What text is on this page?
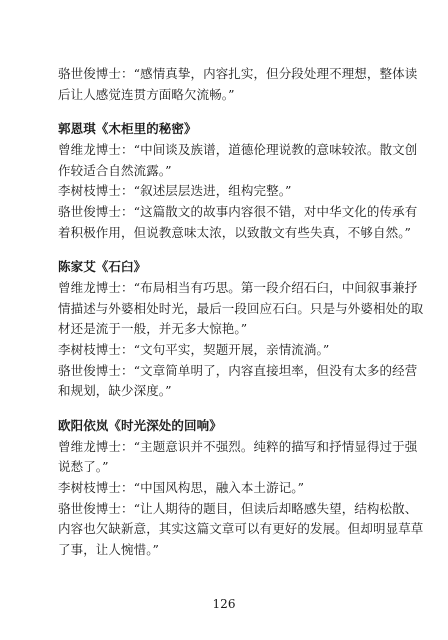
骆世俊博士：“感情真挚，内容扎实，但分段处理不理想，整体读
后让人感觉连贯方面略欠流畅。”
郭恩琪《木柜里的秘密》
曾维龙博士：“中间谈及族谱，道德伦理说教的意味较浓。散文创
作较适合自然流露。”
李树枝博士：“叙述层层迭进，组构完整。”
骆世俊博士：“这篇散文的故事内容很不错，对中华文化的传承有
着积极作用，但说教意味太浓，以致散文有些失真，不够自然。”
陈家艾《石臼》
曾维龙博士：“布局相当有巧思。第一段介绍石臼，中间叙事兼抒
情描述与外婆相处时光，最后一段回应石臼。只是与外婆相处的取
材还是流于一般，并无多大惊艳。”
李树枝博士：“文句平实，契题开展，亲情流淌。”
骆世俊博士：“文章简单明了，内容直接坦率，但没有太多的经营
和规划，缺少深度。”
欧阳依岚《时光深处的回响》
曾维龙博士：“主题意识并不强烈。纯粹的描写和抒情显得过于强
说愁了。”
李树枝博士：“中国风构思，融入本土游记。”
骆世俊博士：“让人期待的题目，但读后却略感失望，结构松散、
内容也欠缺新意，其实这篇文章可以有更好的发展。但却明显草草
了事，让人惋惜。”
126
